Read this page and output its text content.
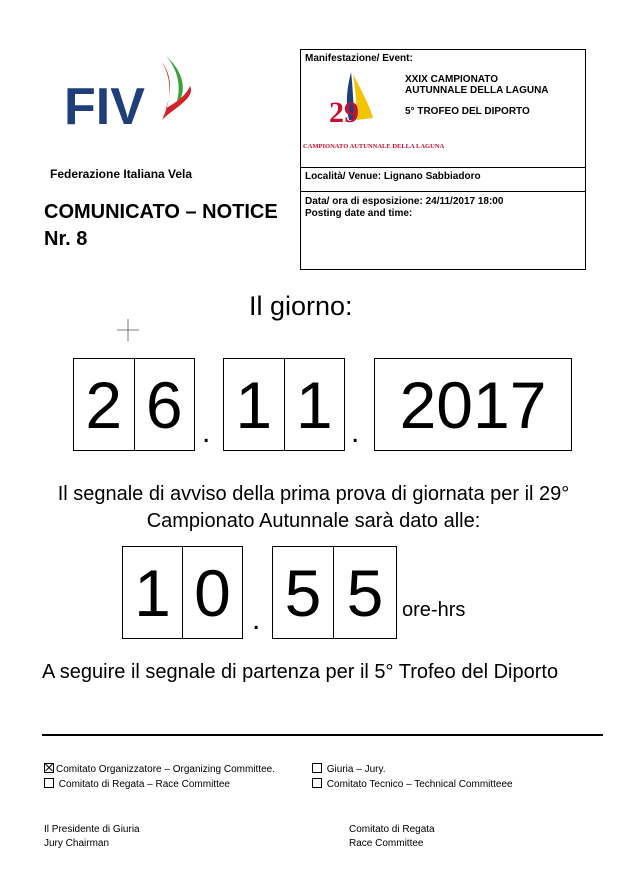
FIV
Federazione Italiana Vela
COMUNICATO – NOTICE
Nr. 8
Manifestazione/ Event:
29
CAMPIONATO AUTUNNALE DELLA LAGUNA
XXIX CAMPIONATO
AUTUNNALE DELLA LAGUNA
5° TROFEO DEL DIPORTO
Località/ Venue: Lignano Sabbiadoro
Data/ ora di esposizione: 24/11/2017 18:00
Posting date and time:
Il giorno:
2 6 . 1 1 . 2017
Il segnale di avviso della prima prova di giornata per il 29°
Campionato Autunnale sarà dato alle:
1 0 . 5 5 ore-hrs
A seguire il segnale di partenza per il 5° Trofeo del Diporto
Comitato Organizzatore – Organizing Committee.
Comitato di Regata – Race Committee
Giuria – Jury.
Comitato Tecnico – Technical Committeee
Il Presidente di Giuria
Jury Chairman
Comitato di Regata
Race Committee
